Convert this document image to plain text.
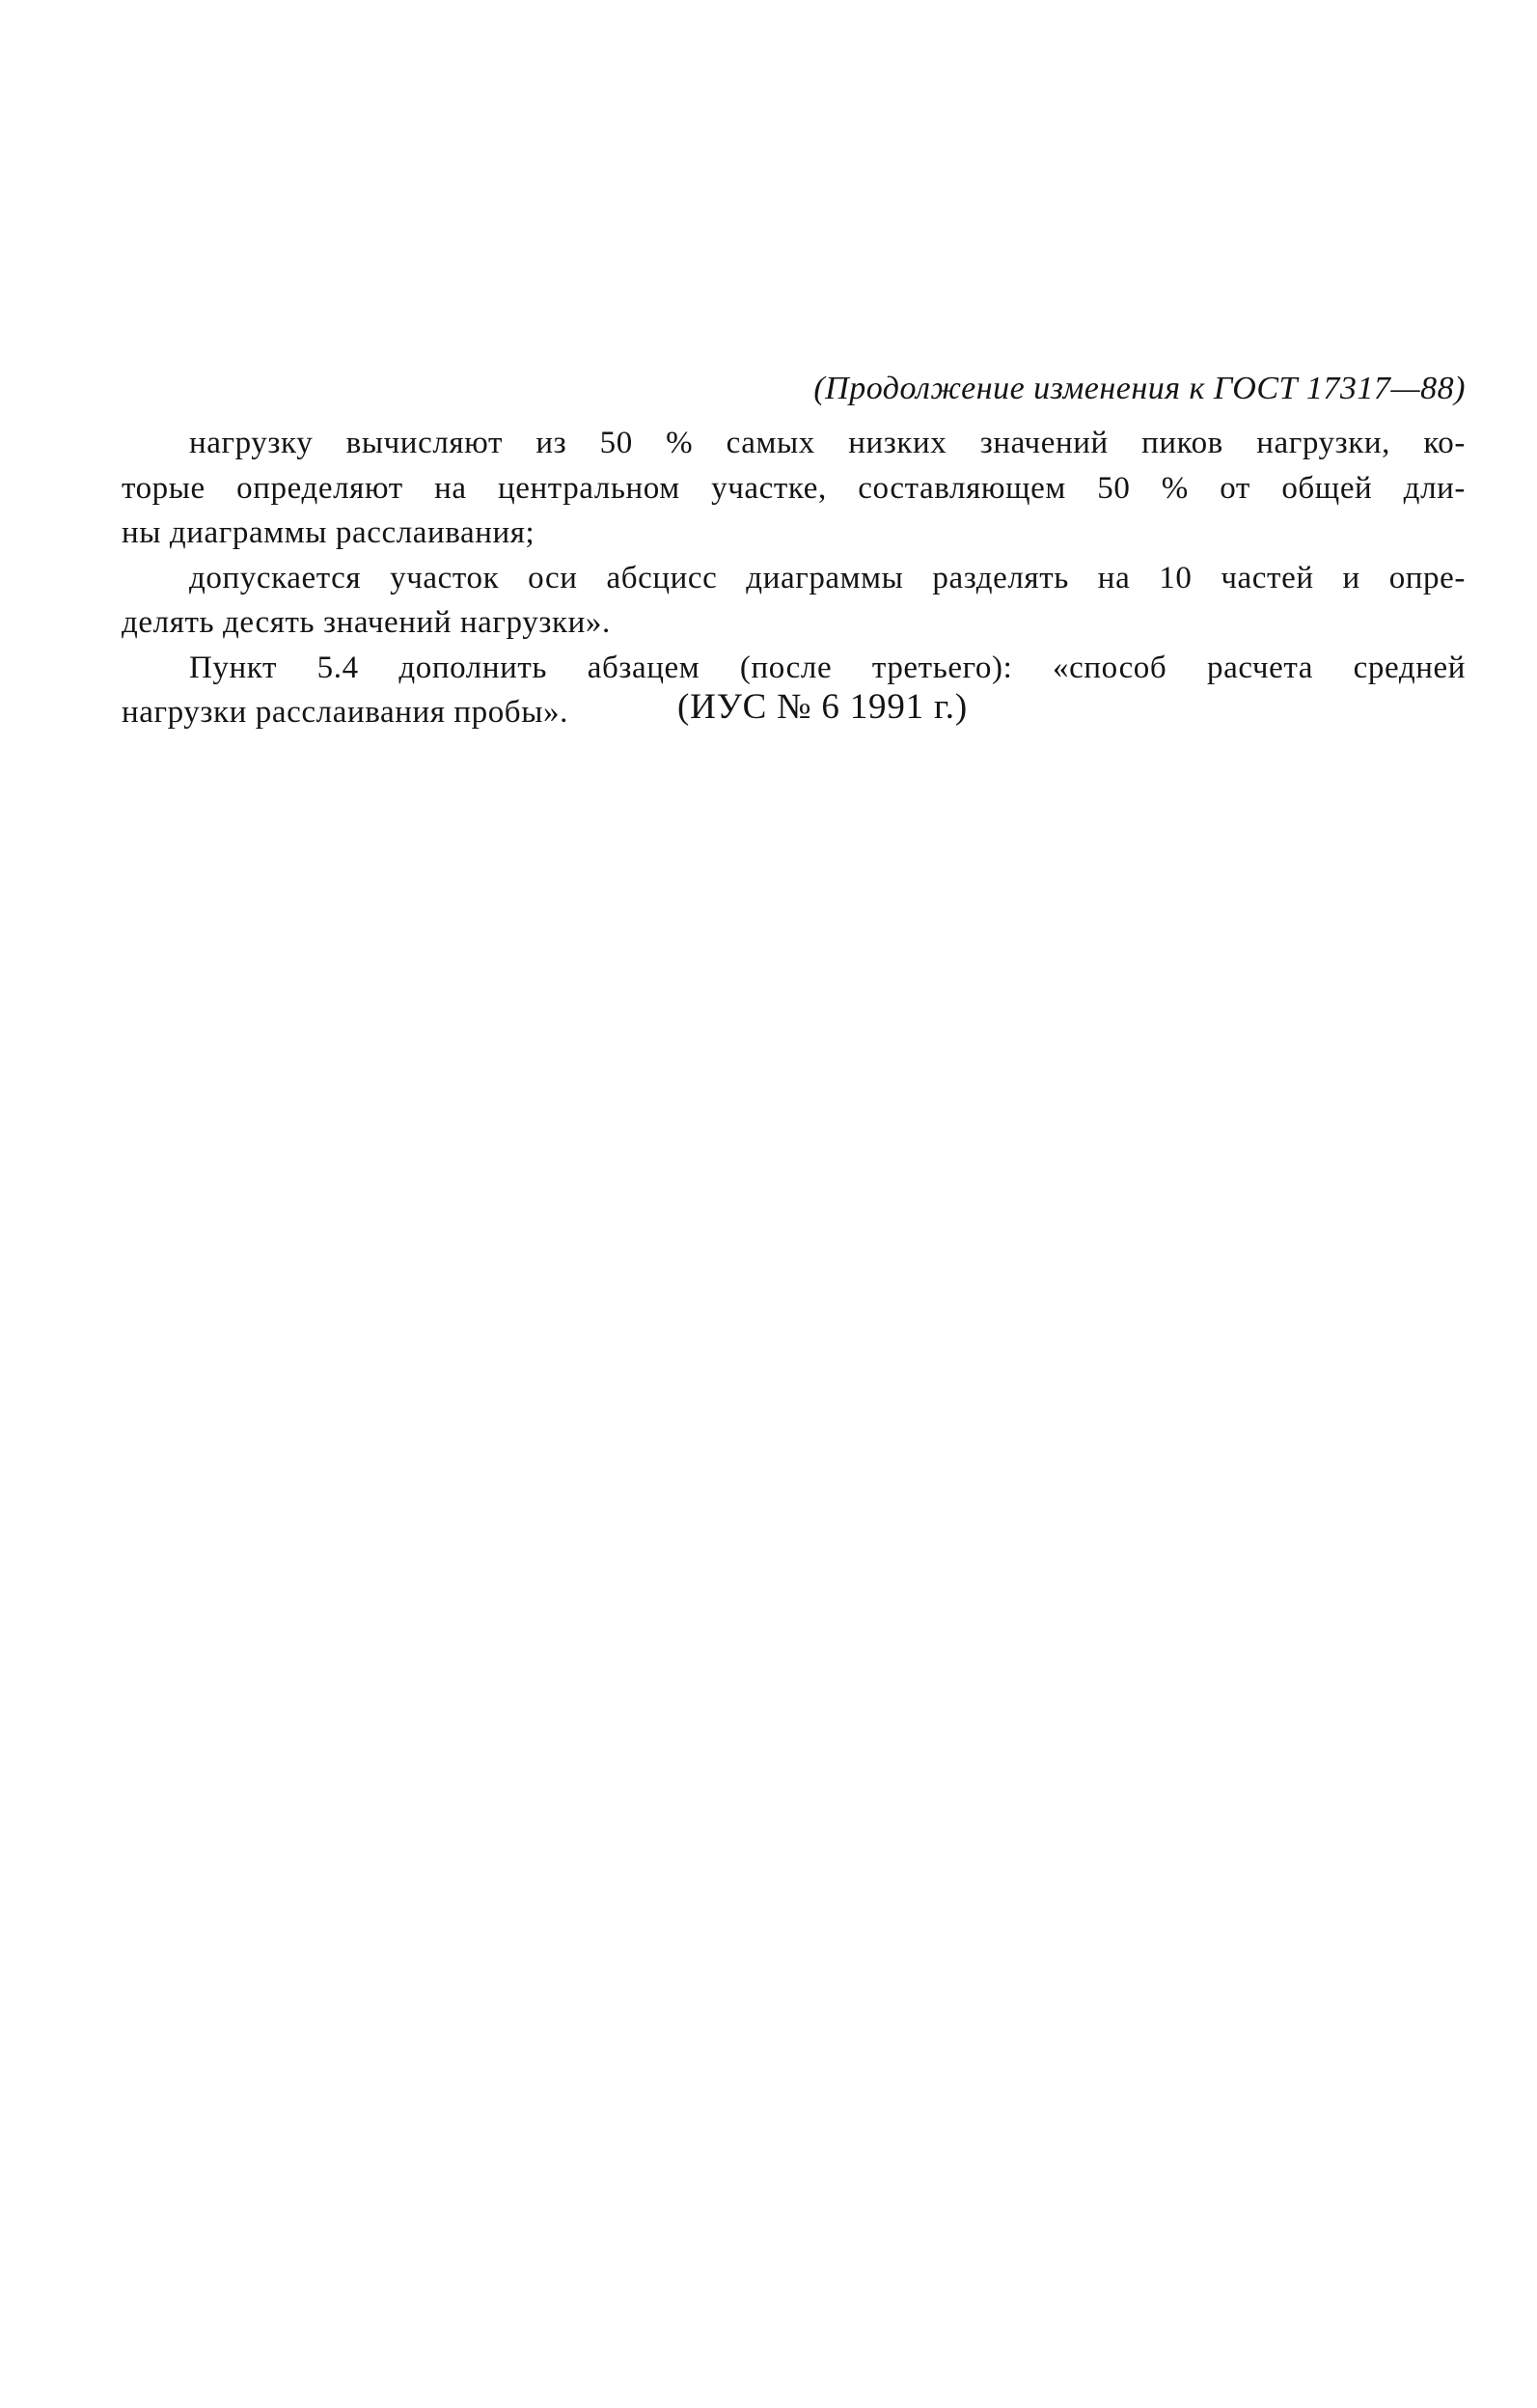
(Продолжение изменения к ГОСТ 17317—88)

нагрузку вычисляют из 50 % самых низких значений пиков нагрузки, ко-
торые определяют на центральном участке, составляющем 50 % от общей дли-
ны диаграммы расслаивания;

допускается участок оси абсцисс диаграммы разделять на 10 частей и опре-
делять десять значений нагрузки».
Пункт 5.4 дополнить абзацем (после третьего): «способ расчета средней
нагрузки расслаивания пробы».	(ИУС № 6 1991 г.)
